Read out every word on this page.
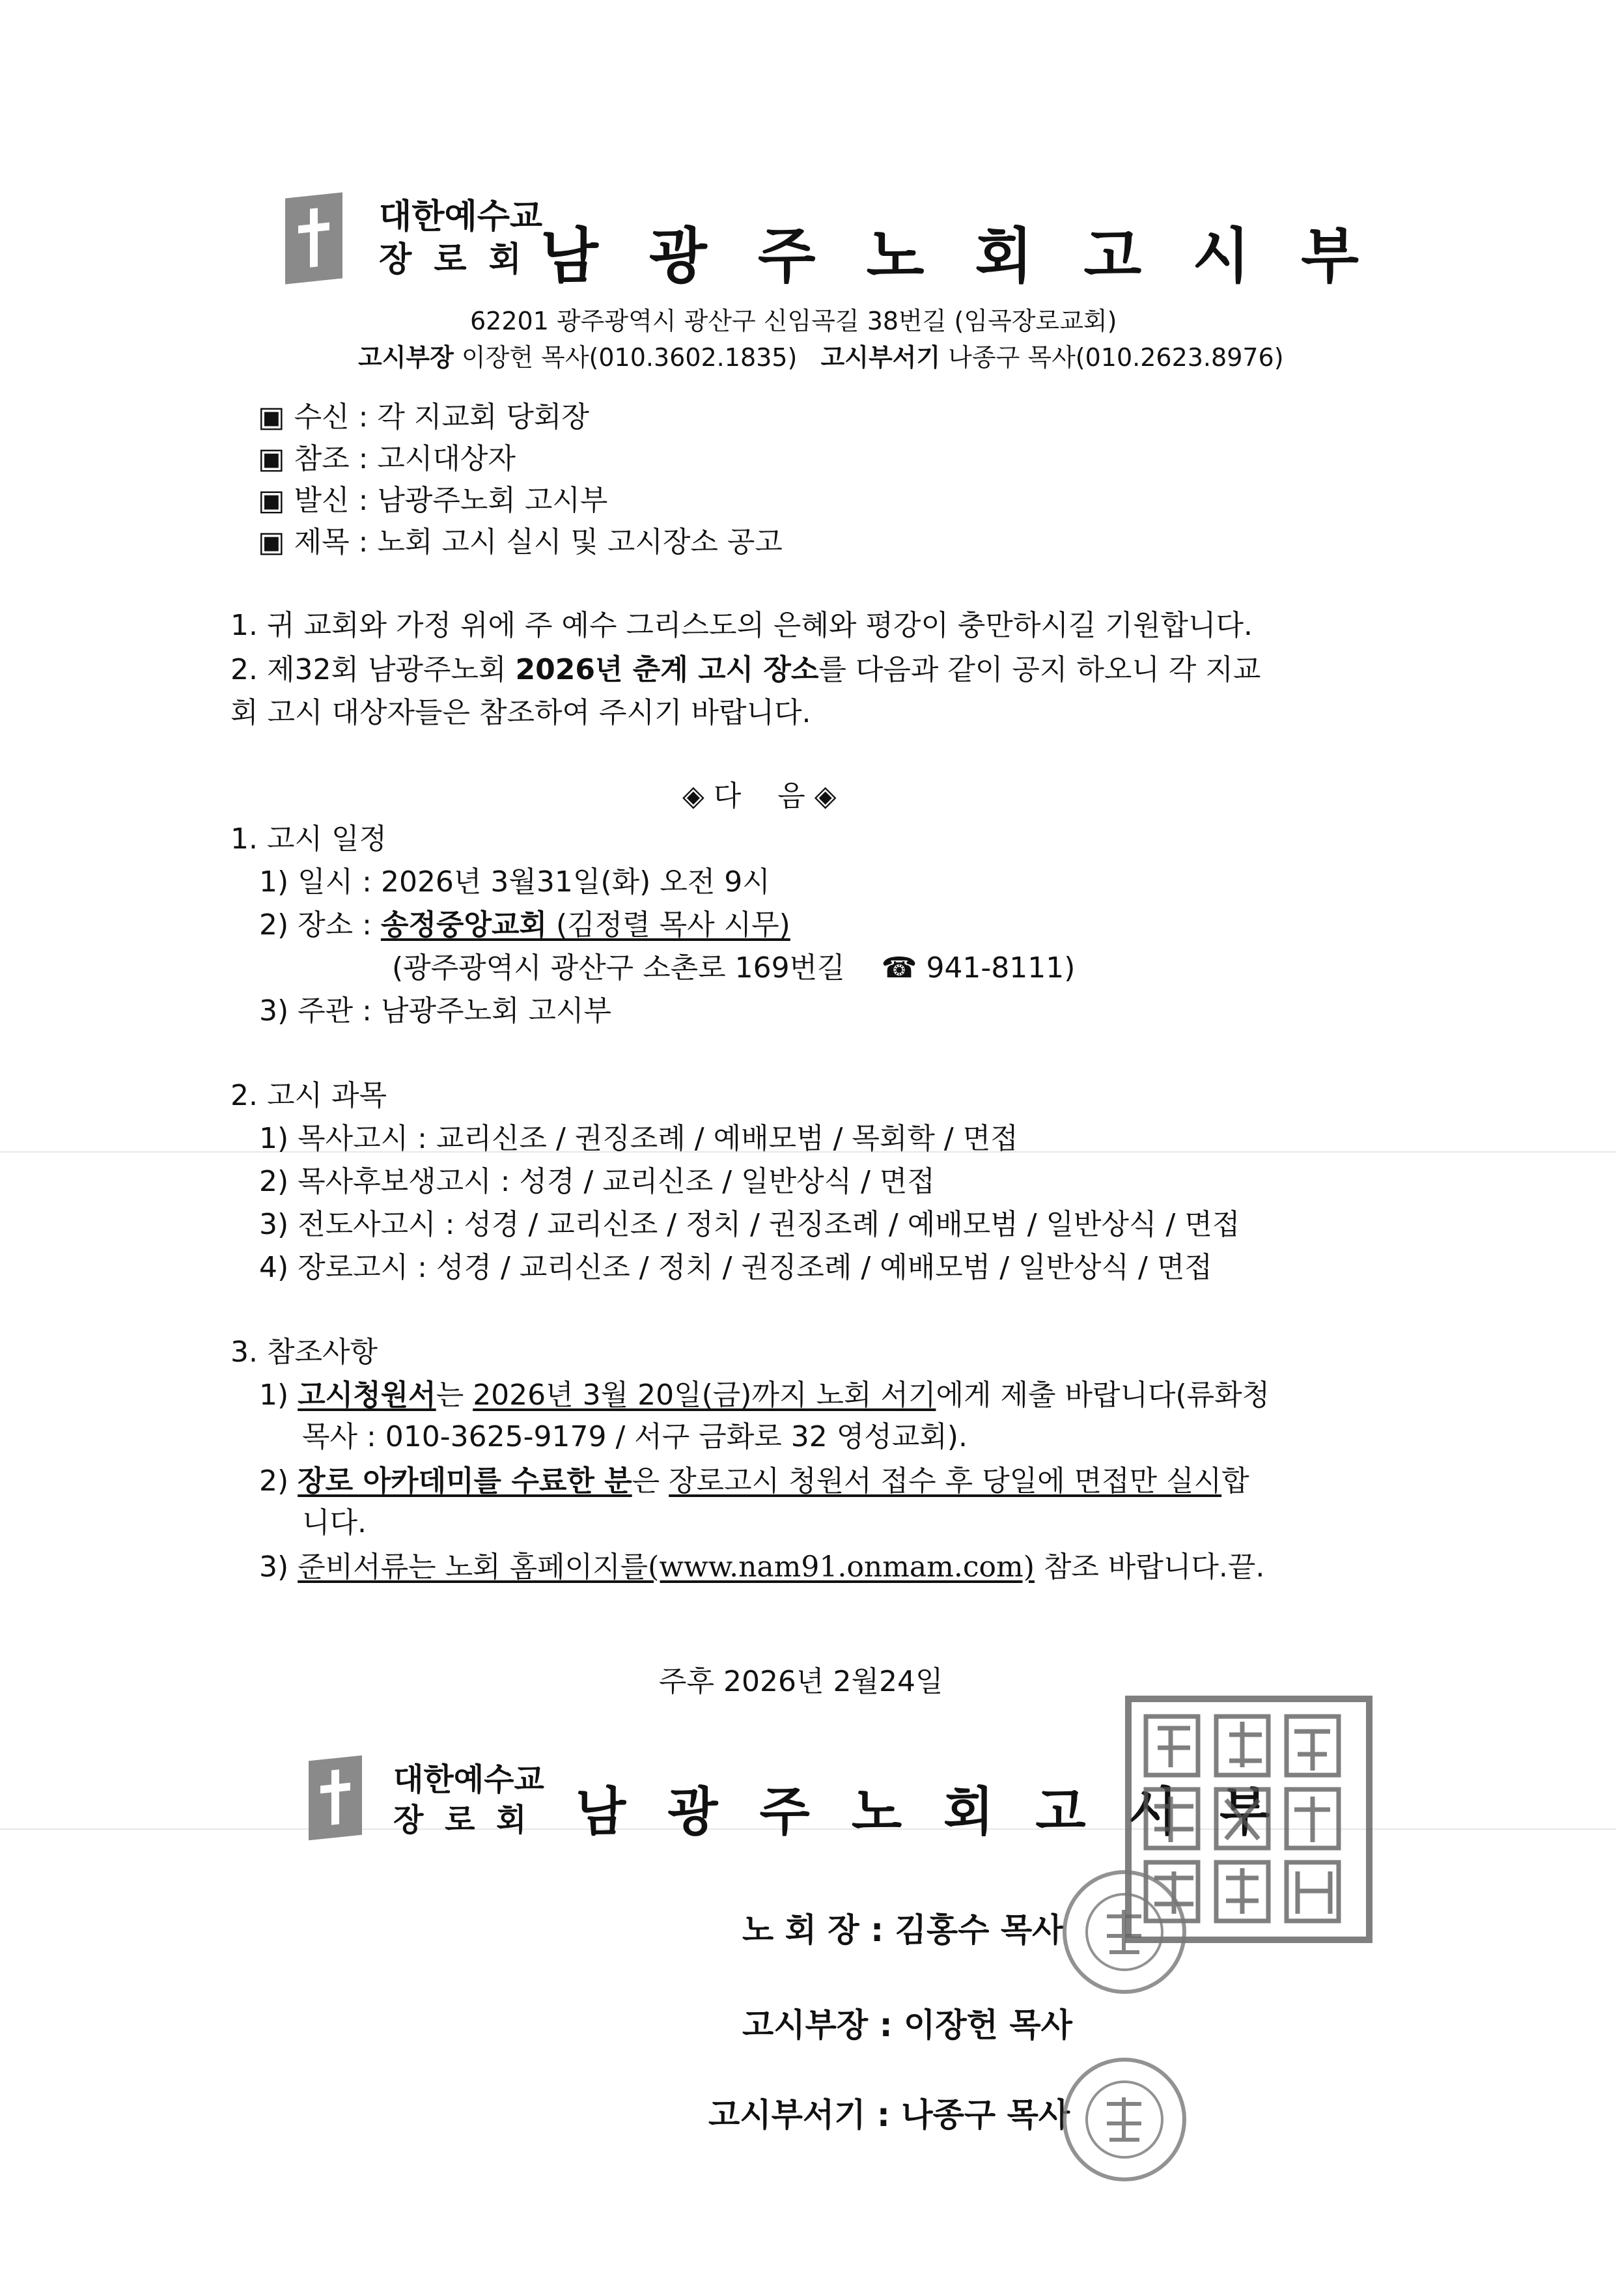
대한예수교
장 로 회 남광주노회고시부
62201 광주광역시 광산구 신임곡길 38번길 (임곡장로교회)
고시부장 이장헌 목사(010.3602.1835) 고시부서기 나종구 목사(010.2623.8976)
▣ 수신 : 각 지교회 당회장
▣ 참조 : 고시대상자
▣ 발신 : 남광주노회 고시부
▣ 제목 : 노회 고시 실시 및 고시장소 공고
1. 귀 교회와 가정 위에 주 예수 그리스도의 은혜와 평강이 충만하시길 기원합니다.
2. 제32회 남광주노회 2026년 춘계 고시 장소를 다음과 같이 공지 하오니 각 지교
회 고시 대상자들은 참조하여 주시기 바랍니다.
◈ 다    음 ◈
1. 고시 일정
1) 일시 : 2026년 3월31일(화) 오전 9시
2) 장소 : 송정중앙교회 (김정렬 목사 시무)
(광주광역시 광산구 소촌로 169번길 ☎ 941-8111)
3) 주관 : 남광주노회 고시부
2. 고시 과목
1) 목사고시 : 교리신조 / 권징조례 / 예배모범 / 목회학 / 면접
2) 목사후보생고시 : 성경 / 교리신조 / 일반상식 / 면접
3) 전도사고시 : 성경 / 교리신조 / 정치 / 권징조례 / 예배모범 / 일반상식 / 면접
4) 장로고시 : 성경 / 교리신조 / 정치 / 권징조례 / 예배모범 / 일반상식 / 면접
3. 참조사항
1) 고시청원서는 2026년 3월 20일(금)까지 노회 서기에게 제출 바랍니다(류화청
목사 : 010-3625-9179 / 서구 금화로 32 영성교회).
2) 장로 아카데미를 수료한 분은 장로고시 청원서 접수 후 당일에 면접만 실시합
니다.
3) 준비서류는 노회 홈페이지를(www.nam91.onmam.com) 참조 바랍니다.끝.
주후 2026년 2월24일
대한예수교
장 로 회 남광주노회고시부
노 회 장 : 김홍수 목사
고시부장 : 이장헌 목사
고시부서기 : 나종구 목사
